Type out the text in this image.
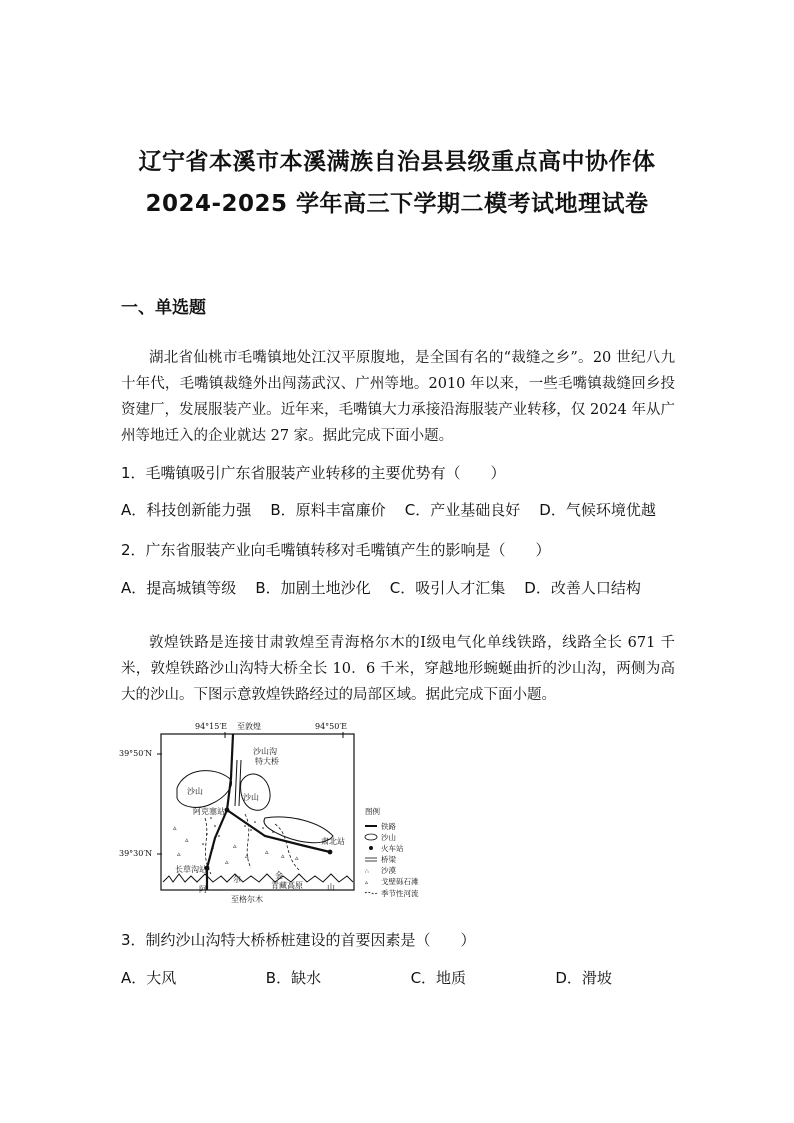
辽宁省本溪市本溪满族自治县县级重点高中协作体
2024-2025 学年高三下学期二模考试地理试卷
一、单选题
湖北省仙桃市毛嘴镇地处江汉平原腹地，是全国有名的“裁缝之乡”。20 世纪八九十年代，毛嘴镇裁缝外出闯荡武汉、广州等地。2010 年以来，一些毛嘴镇裁缝回乡投资建厂，发展服装产业。近年来，毛嘴镇大力承接沿海服装产业转移，仅 2024 年从广州等地迁入的企业就达 27 家。据此完成下面小题。
1．毛嘴镇吸引广东省服装产业转移的主要优势有（　　）
A．科技创新能力强 B．原料丰富廉价 C．产业基础良好 D．气候环境优越
2．广东省服装产业向毛嘴镇转移对毛嘴镇产生的影响是（　　）
A．提高城镇等级 B．加剧土地沙化 C．吸引人才汇集 D．改善人口结构
敦煌铁路是连接甘肃敦煌至青海格尔木的Ⅰ级电气化单线铁路，线路全长 671 千米，敦煌铁路沙山沟特大桥全长 10．6 千米，穿越地形蜿蜒曲折的沙山沟，两侧为高大的沙山。下图示意敦煌铁路经过的局部区域。据此完成下面小题。
94°15′E	94°50′E
39°50′N
39°30′N
沙山
沙山
至敦煌
沙山沟
特大桥
阿克塞站
肃北站
长草沟站
▵
▵
▵
▵
▵ ▵ ▵ ▵
▵
阿
尔	金
山
青藏高原
至格尔木
图例
铁路
沙山
火车站
桥梁
∴ 沙漠
▵ 戈壁砾石滩
季节性河流
3．制约沙山沟特大桥桥桩建设的首要因素是（　　）
A．大风	B．缺水	C．地质	D．滑坡
